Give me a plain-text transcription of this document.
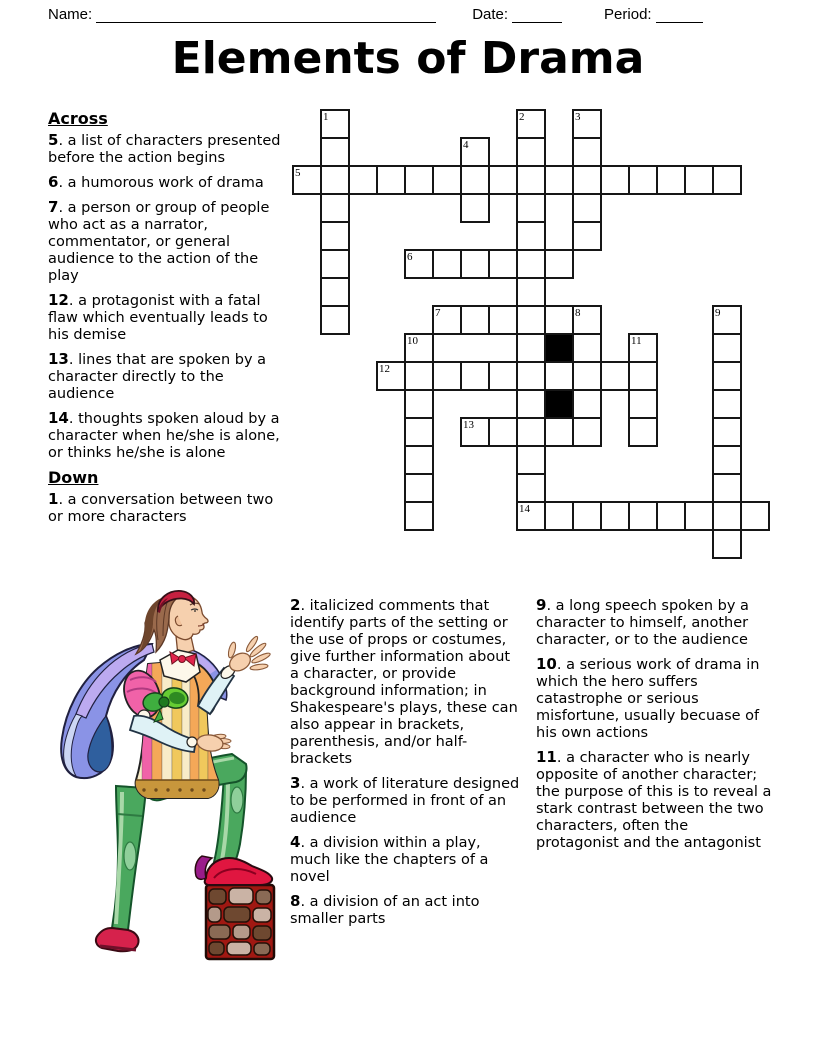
Name:	Date:	Period:
Elements of Drama
Across

5. a list of characters presented before the action begins

6. a humorous work of drama

7. a person or group of people who act as a narrator, commentator, or general audience to the action of the play

12. a protagonist with a fatal flaw which eventually leads to his demise

13. lines that are spoken by a character directly to the audience

14. thoughts spoken aloud by a character when he/she is alone, or thinks he/she is alone

Down

1. a conversation between two or more characters

5
6
7	8
12
13
14
1	2	3
4
9
10	11

2. italicized comments that identify parts of the setting or the use of props or costumes, give further information about a character, or provide background information; in Shakespeare's plays, these can also appear in brackets, parenthesis, and/or half-brackets

3. a work of literature designed to be performed in front of an audience

4. a division within a play, much like the chapters of a novel

8. a division of an act into smaller parts

9. a long speech spoken by a character to himself, another character, or to the audience

10. a serious work of drama in which the hero suffers catastrophe or serious misfortune, usually becuase of his own actions

11. a character who is nearly opposite of another character; the purpose of this is to reveal a stark contrast between the two characters, often the protagonist and the antagonist
